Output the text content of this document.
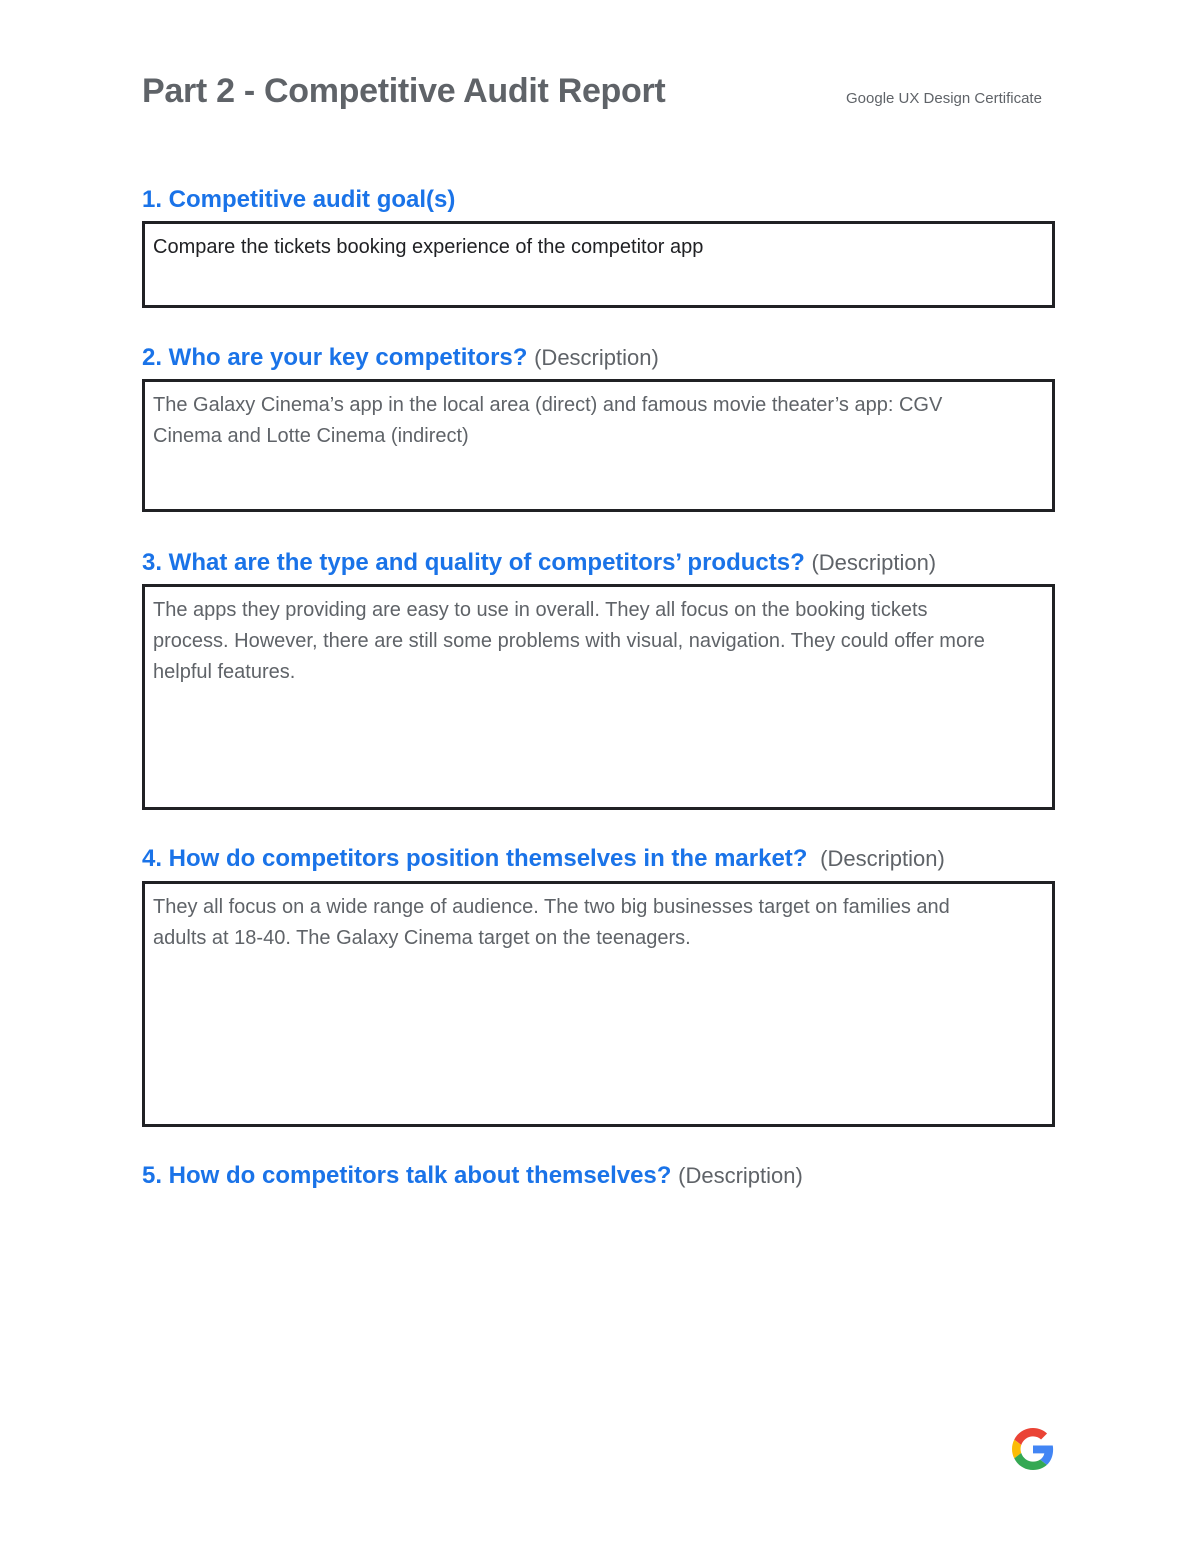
Part 2 - Competitive Audit Report	Google UX Design Certificate
1. Competitive audit goal(s)

Compare the tickets booking experience of the competitor app

2. Who are your key competitors? (Description)

The Galaxy Cinema’s app in the local area (direct) and famous movie theater’s app: CGV Cinema and Lotte Cinema (indirect)

3. What are the type and quality of competitors’ products? (Description)

The apps they providing are easy to use in overall. They all focus on the booking tickets process. However, there are still some problems with visual, navigation. They could offer more helpful features.

4. How do competitors position themselves in the market? (Description)

They all focus on a wide range of audience. The two big businesses target on families and adults at 18-40. The Galaxy Cinema target on the teenagers.

5. How do competitors talk about themselves? (Description)
